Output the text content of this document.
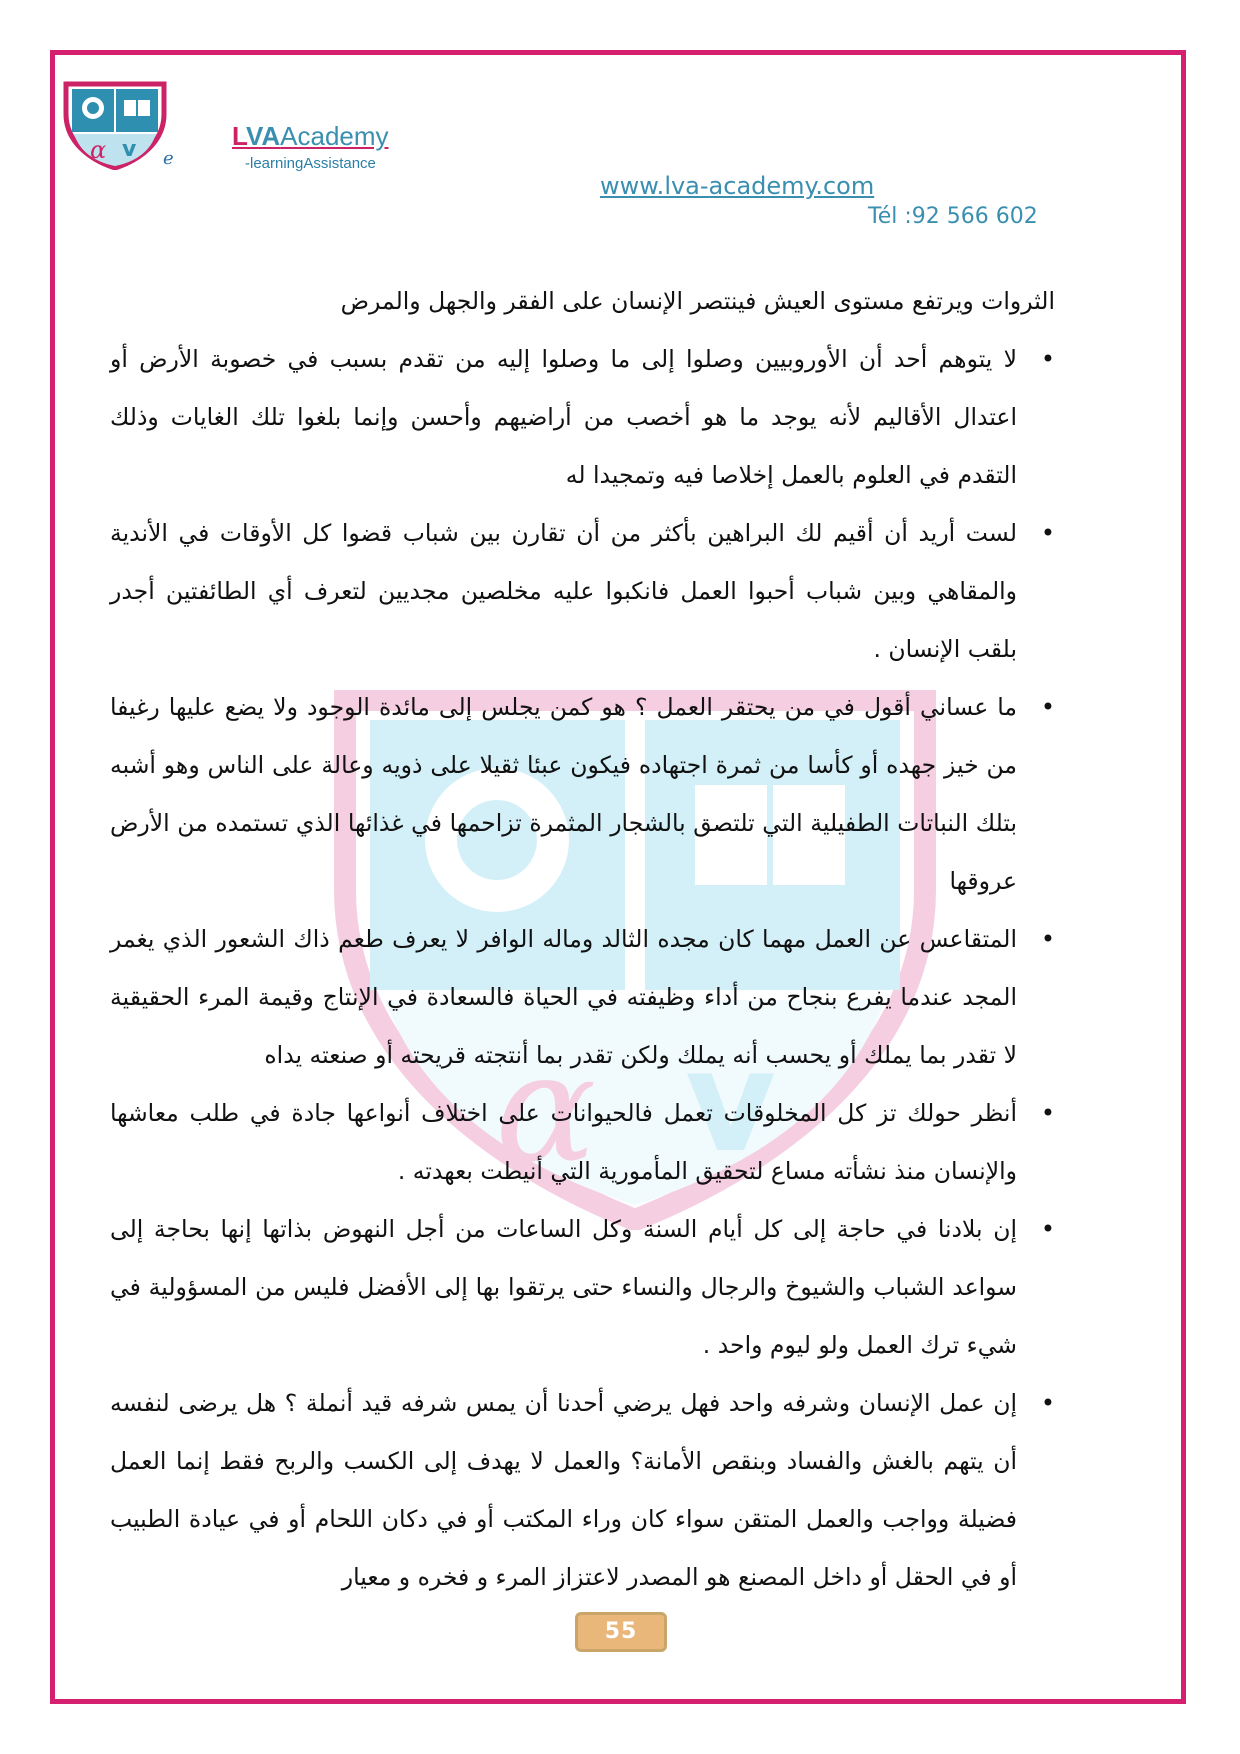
α v e
LVAAcademy
-learningAssistance
www.lva-academy.com
Tél :92 566 602
α v
الثروات ويرتفع مستوى العيش فينتصر الإنسان على الفقر والجهل والمرض
• لا يتوهم أحد أن الأوروبيين وصلوا إلى ما وصلوا إليه من تقدم بسبب في خصوبة الأرض أو اعتدال الأقاليم لأنه يوجد ما هو أخصب من أراضيهم وأحسن وإنما بلغوا تلك الغايات وذلك التقدم في العلوم بالعمل إخلاصا فيه وتمجيدا له
• لست أريد أن أقيم لك البراهين بأكثر من أن تقارن بين شباب قضوا كل الأوقات في الأندية والمقاهي وبين شباب أحبوا العمل فانكبوا عليه مخلصين مجديين لتعرف أي الطائفتين أجدر بلقب الإنسان .
• ما عساني أقول في من يحتقر العمل ؟ هو كمن يجلس إلى مائدة الوجود ولا يضع عليها رغيفا من خيز جهده أو كأسا من ثمرة اجتهاده فيكون عبئا ثقيلا على ذويه وعالة على الناس وهو أشبه بتلك النباتات الطفيلية التي تلتصق بالشجار المثمرة تزاحمها في غذائها الذي تستمده من الأرض عروقها
• المتقاعس عن العمل مهما كان مجده الثالد وماله الوافر لا يعرف طعم ذاك الشعور الذي يغمر المجد عندما يفرع بنجاح من أداء وظيفته في الحياة فالسعادة في الإنتاج وقيمة المرء الحقيقية لا تقدر بما يملك أو يحسب أنه يملك ولكن تقدر بما أنتجته قريحته أو صنعته يداه
• أنظر حولك تز كل المخلوقات تعمل فالحيوانات على اختلاف أنواعها جادة في طلب معاشها والإنسان منذ نشأته مساع لتحقيق المأمورية التي أنيطت بعهدته .
• إن بلادنا في حاجة إلى كل أيام السنة وكل الساعات من أجل النهوض بذاتها إنها بحاجة إلى سواعد الشباب والشيوخ والرجال والنساء حتى يرتقوا بها إلى الأفضل فليس من المسؤولية في شيء ترك العمل ولو ليوم واحد .
• إن عمل الإنسان وشرفه واحد فهل يرضي أحدنا أن يمس شرفه قيد أنملة ؟ هل يرضى لنفسه أن يتهم بالغش والفساد وبنقص الأمانة؟ والعمل لا يهدف إلى الكسب والربح فقط إنما العمل فضيلة وواجب والعمل المتقن سواء كان وراء المكتب أو في دكان اللحام أو في عيادة الطبيب أو في الحقل أو داخل المصنع هو المصدر لاعتزاز المرء و فخره و معيار
55
